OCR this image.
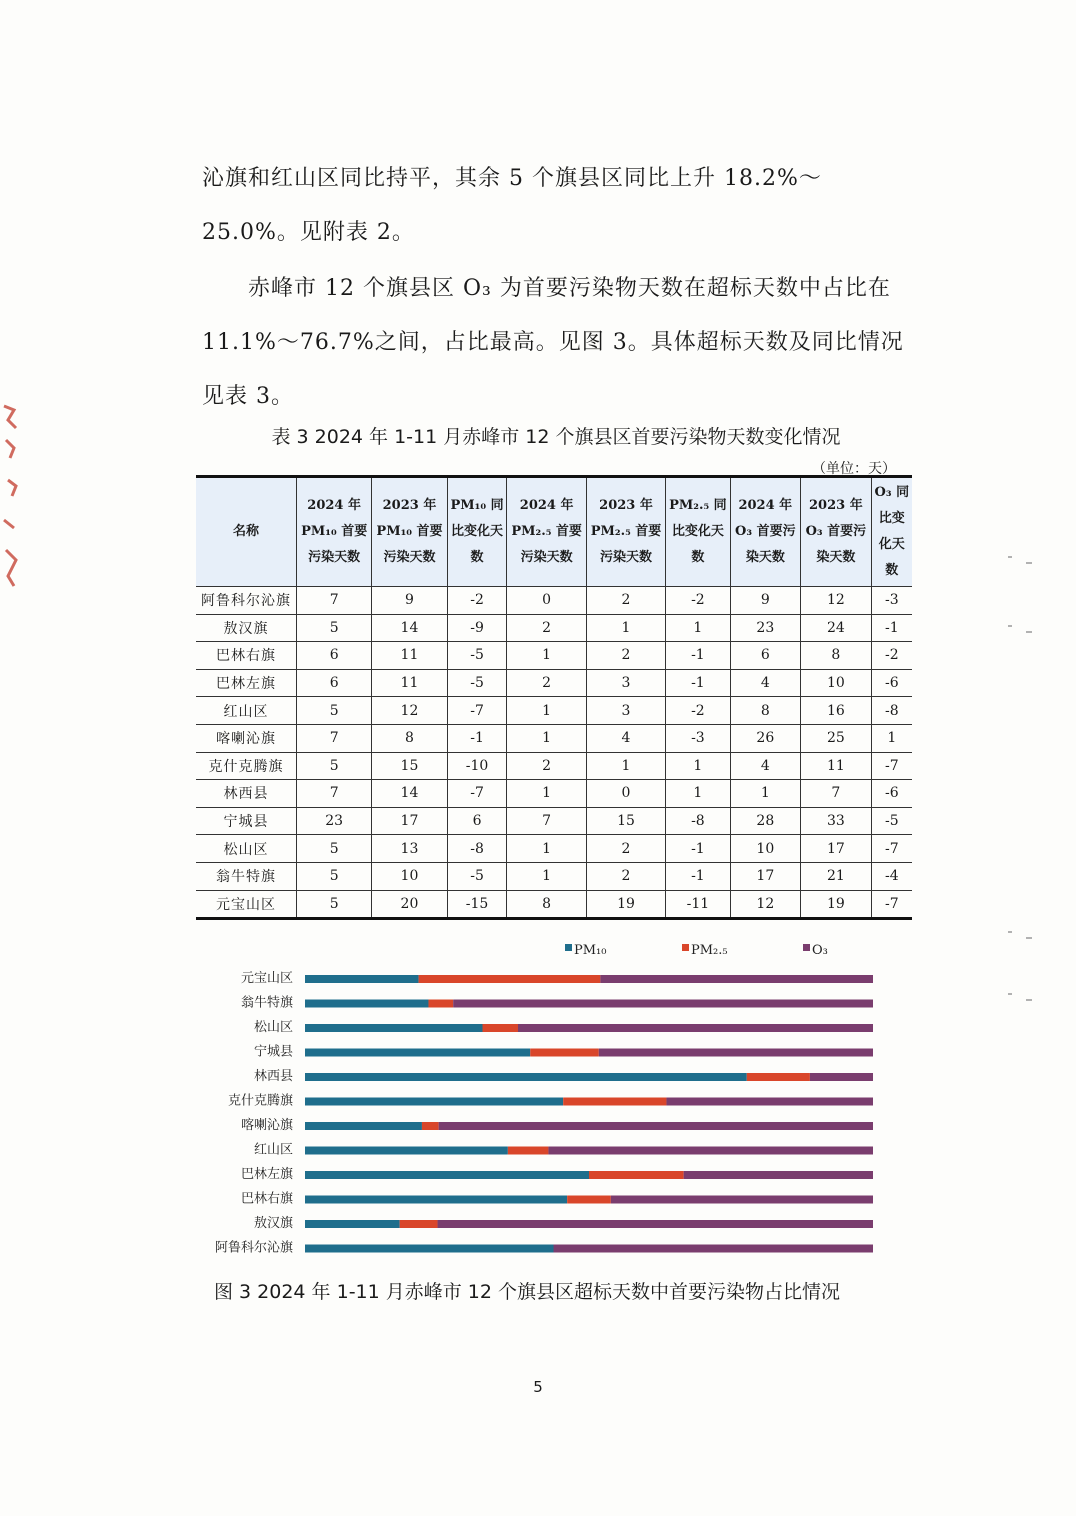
沁旗和红山区同比持平，其余 5 个旗县区同比上升 18.2%～25.0%。见附表 2。

赤峰市 12 个旗县区 O₃ 为首要污染物天数在超标天数中占比在 11.1%～76.7%之间，占比最高。见图 3。具体超标天数及同比情况见表 3。

表 3 2024 年 1-11 月赤峰市 12 个旗县区首要污染物天数变化情况

（单位：天）

名称	2024 年 PM₁₀ 首要污染天数	2023 年 PM₁₀ 首要污染天数	PM₁₀ 同比变化天数	2024 年 PM₂.₅ 首要污染天数	2023 年 PM₂.₅ 首要污染天数	PM₂.₅ 同比变化天数	2024 年 O₃ 首要污染天数	2023 年 O₃ 首要污染天数	O₃ 同比变化天数
阿鲁科尔沁旗	7	9	-2	0	2	-2	9	12	-3
敖汉旗	5	14	-9	2	1	1	23	24	-1
巴林右旗	6	11	-5	1	2	-1	6	8	-2
巴林左旗	6	11	-5	2	3	-1	4	10	-6
红山区	5	12	-7	1	3	-2	8	16	-8
喀喇沁旗	7	8	-1	1	4	-3	26	25	1
克什克腾旗	5	15	-10	2	1	1	4	11	-7
林西县	7	14	-7	1	0	1	1	7	-6
宁城县	23	17	6	7	15	-8	28	33	-5
松山区	5	13	-8	1	2	-1	10	17	-7
翁牛特旗	5	10	-5	1	2	-1	17	21	-4
元宝山区	5	20	-15	8	19	-11	12	19	-7
PM₁₀	PM₂.₅	O₃
元宝山区
翁牛特旗
松山区
宁城县
林西县
克什克腾旗
喀喇沁旗
红山区
巴林左旗
巴林右旗
敖汉旗
阿鲁科尔沁旗

图 3 2024 年 1-11 月赤峰市 12 个旗县区超标天数中首要污染物占比情况

5
